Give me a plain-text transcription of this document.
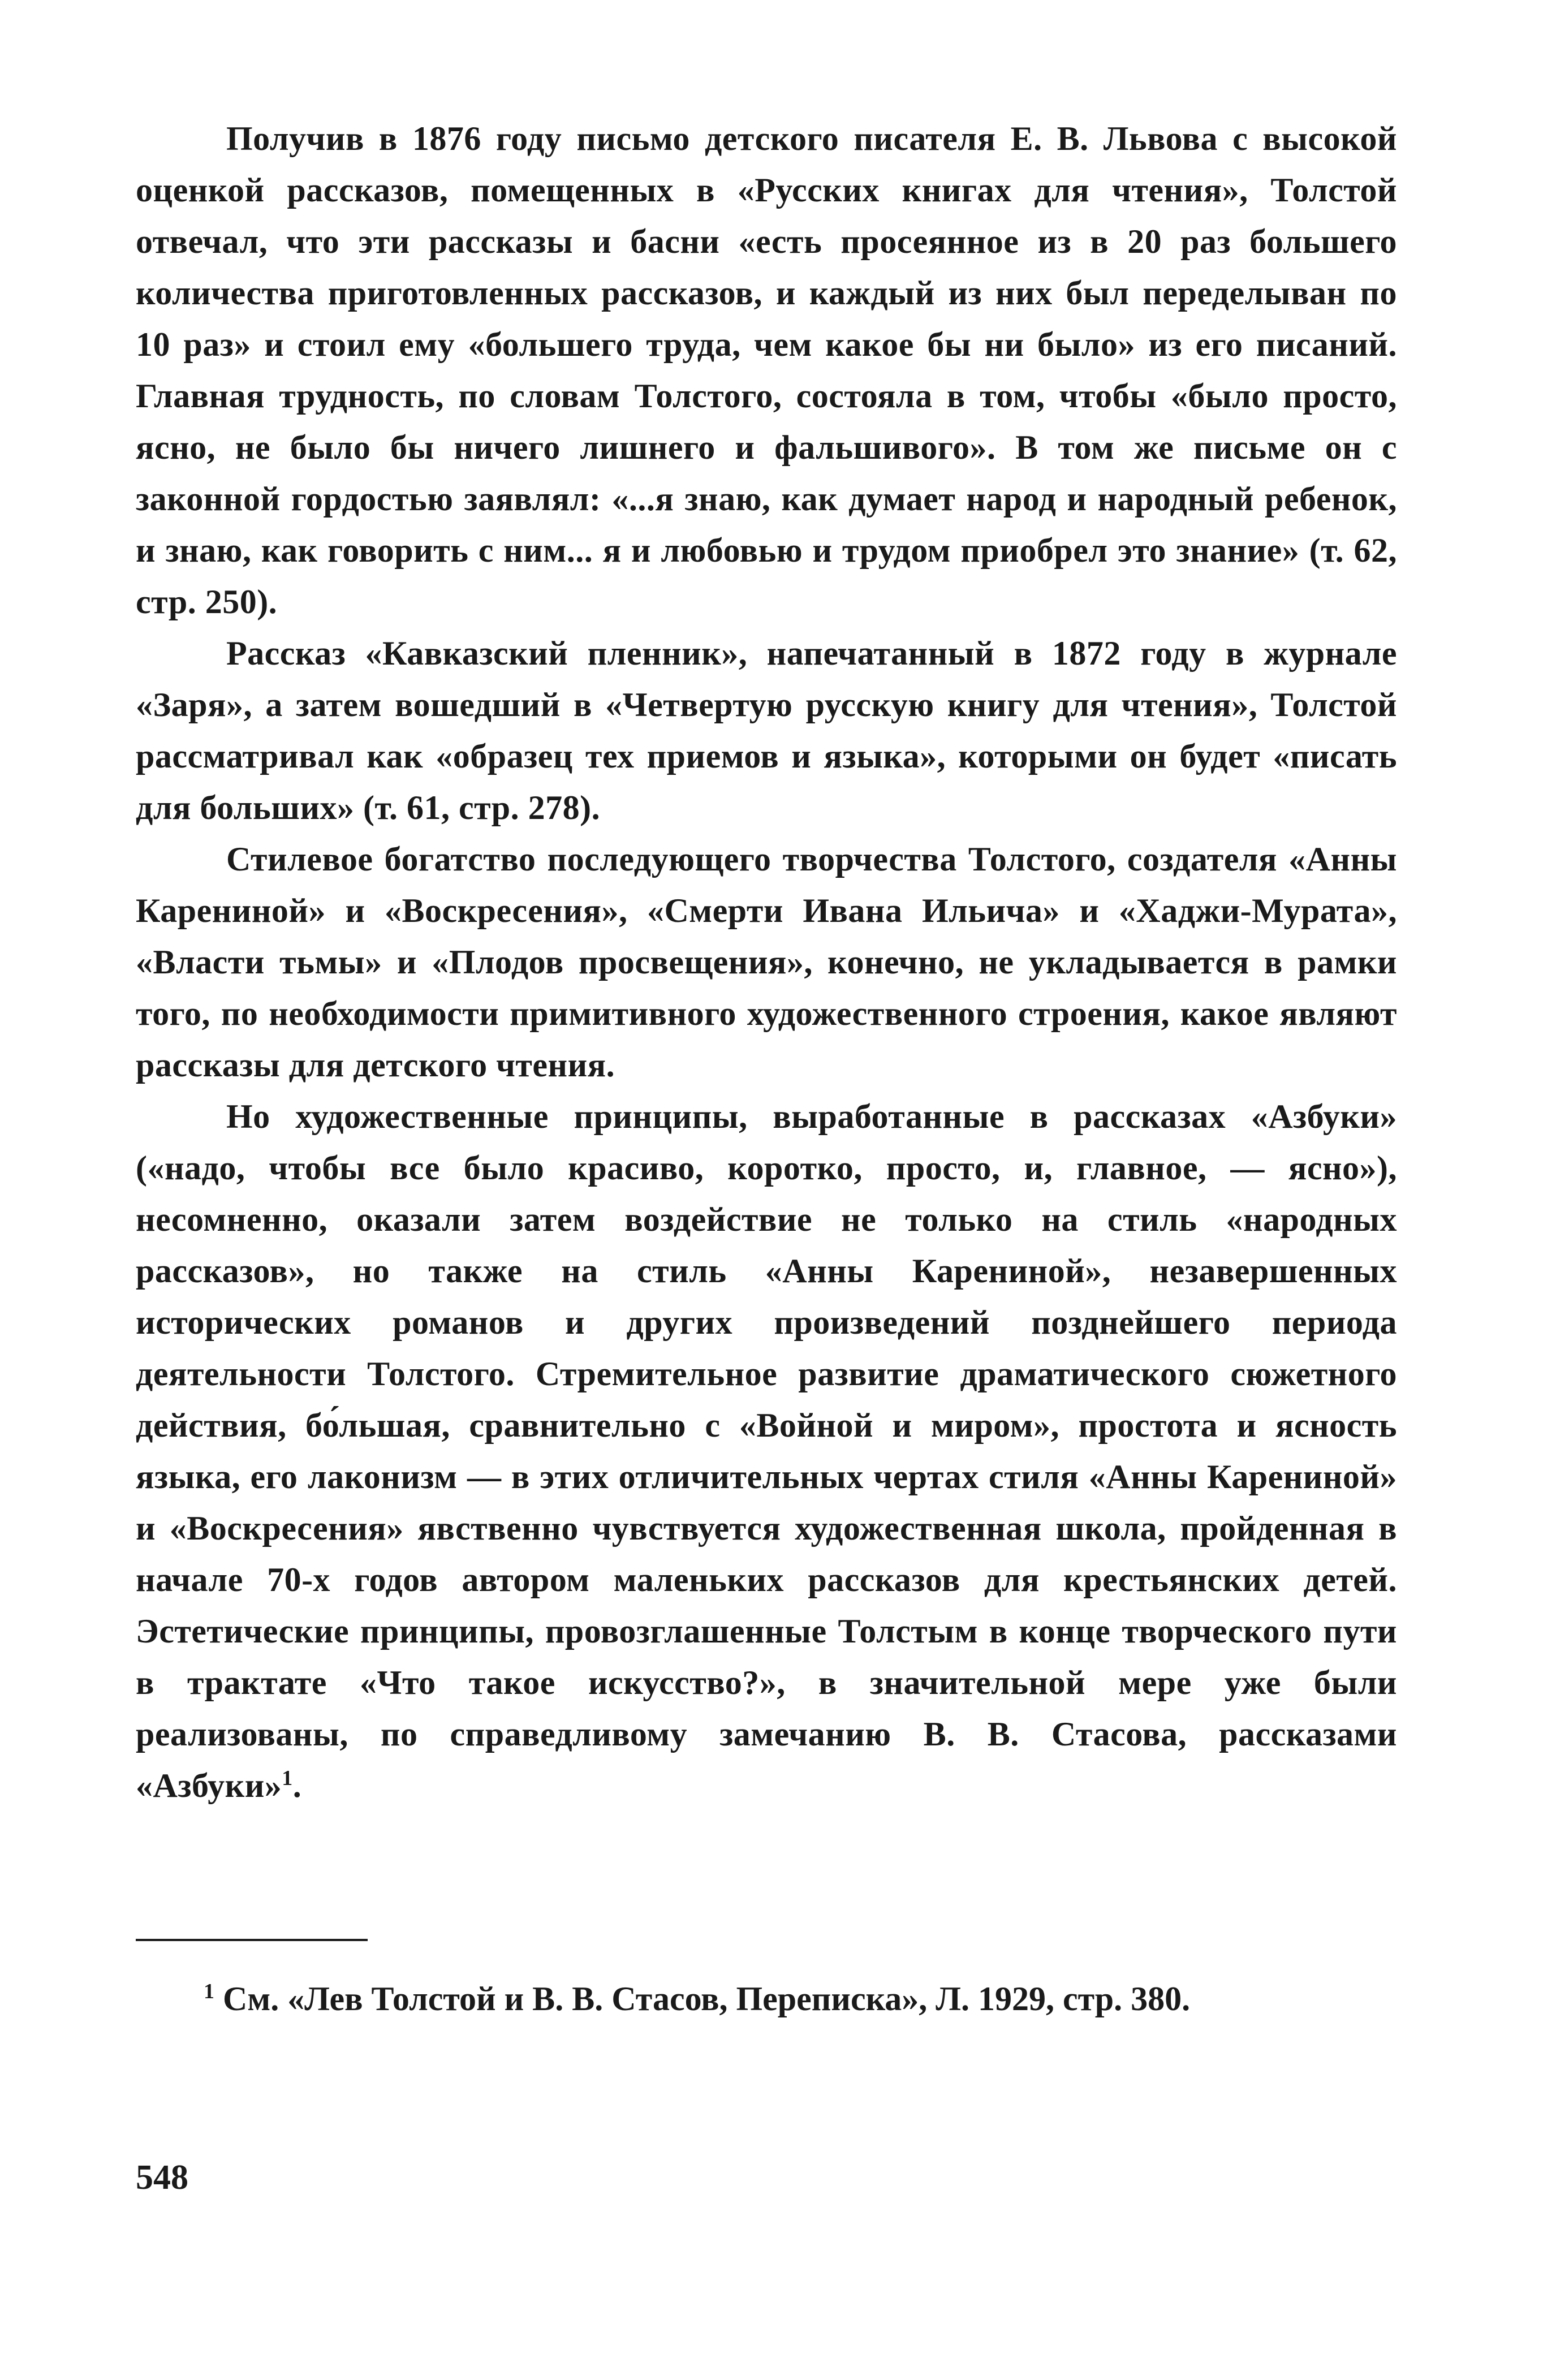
Получив в 1876 году письмо детского писателя Е. В. Львова с высокой оценкой рассказов, помещенных в «Русских книгах для чтения», Толстой отвечал, что эти рассказы и басни «есть просеянное из в 20 раз большего количества приготовленных рассказов, и каждый из них был переделыван по 10 раз» и стоил ему «большего труда, чем какое бы ни было» из его писаний. Главная трудность, по словам Толстого, состояла в том, чтобы «было просто, ясно, не было бы ничего лишнего и фальшивого». В том же письме он с законной гордостью заявлял: «...я знаю, как думает народ и народный ребенок, и знаю, как говорить с ним... я и любовью и трудом приобрел это знание» (т. 62, стр. 250).

Рассказ «Кавказский пленник», напечатанный в 1872 году в журнале «Заря», а затем вошедший в «Четвертую русскую книгу для чтения», Толстой рассматривал как «образец тех приемов и языка», которыми он будет «писать для больших» (т. 61, стр. 278).

Стилевое богатство последующего творчества Толстого, создателя «Анны Карениной» и «Воскресения», «Смерти Ивана Ильича» и «Хаджи-Мурата», «Власти тьмы» и «Плодов просвещения», конечно, не укладывается в рамки того, по необходимости примитивного художественного строения, какое являют рассказы для детского чтения.

Но художественные принципы, выработанные в рассказах «Азбуки» («надо, чтобы все было красиво, коротко, просто, и, главное, — ясно»), несомненно, оказали затем воздействие не только на стиль «народных рассказов», но также на стиль «Анны Карениной», незавершенных исторических романов и других произведений позднейшего периода деятельности Толстого. Стремительное развитие драматического сюжетного действия, бо́льшая, сравнительно с «Войной и миром», простота и ясность языка, его лаконизм — в этих отличительных чертах стиля «Анны Карениной» и «Воскресения» явственно чувствуется художественная школа, пройденная в начале 70-х годов автором маленьких рассказов для крестьянских детей. Эстетические принципы, провозглашенные Толстым в конце творческого пути в трактате «Что такое искусство?», в значительной мере уже были реализованы, по справедливому замечанию В. В. Стасова, рассказами «Азбуки»$^1$.

$^1$ См. «Лев Толстой и В. В. Стасов, Переписка», Л. 1929, стр. 380.

548
